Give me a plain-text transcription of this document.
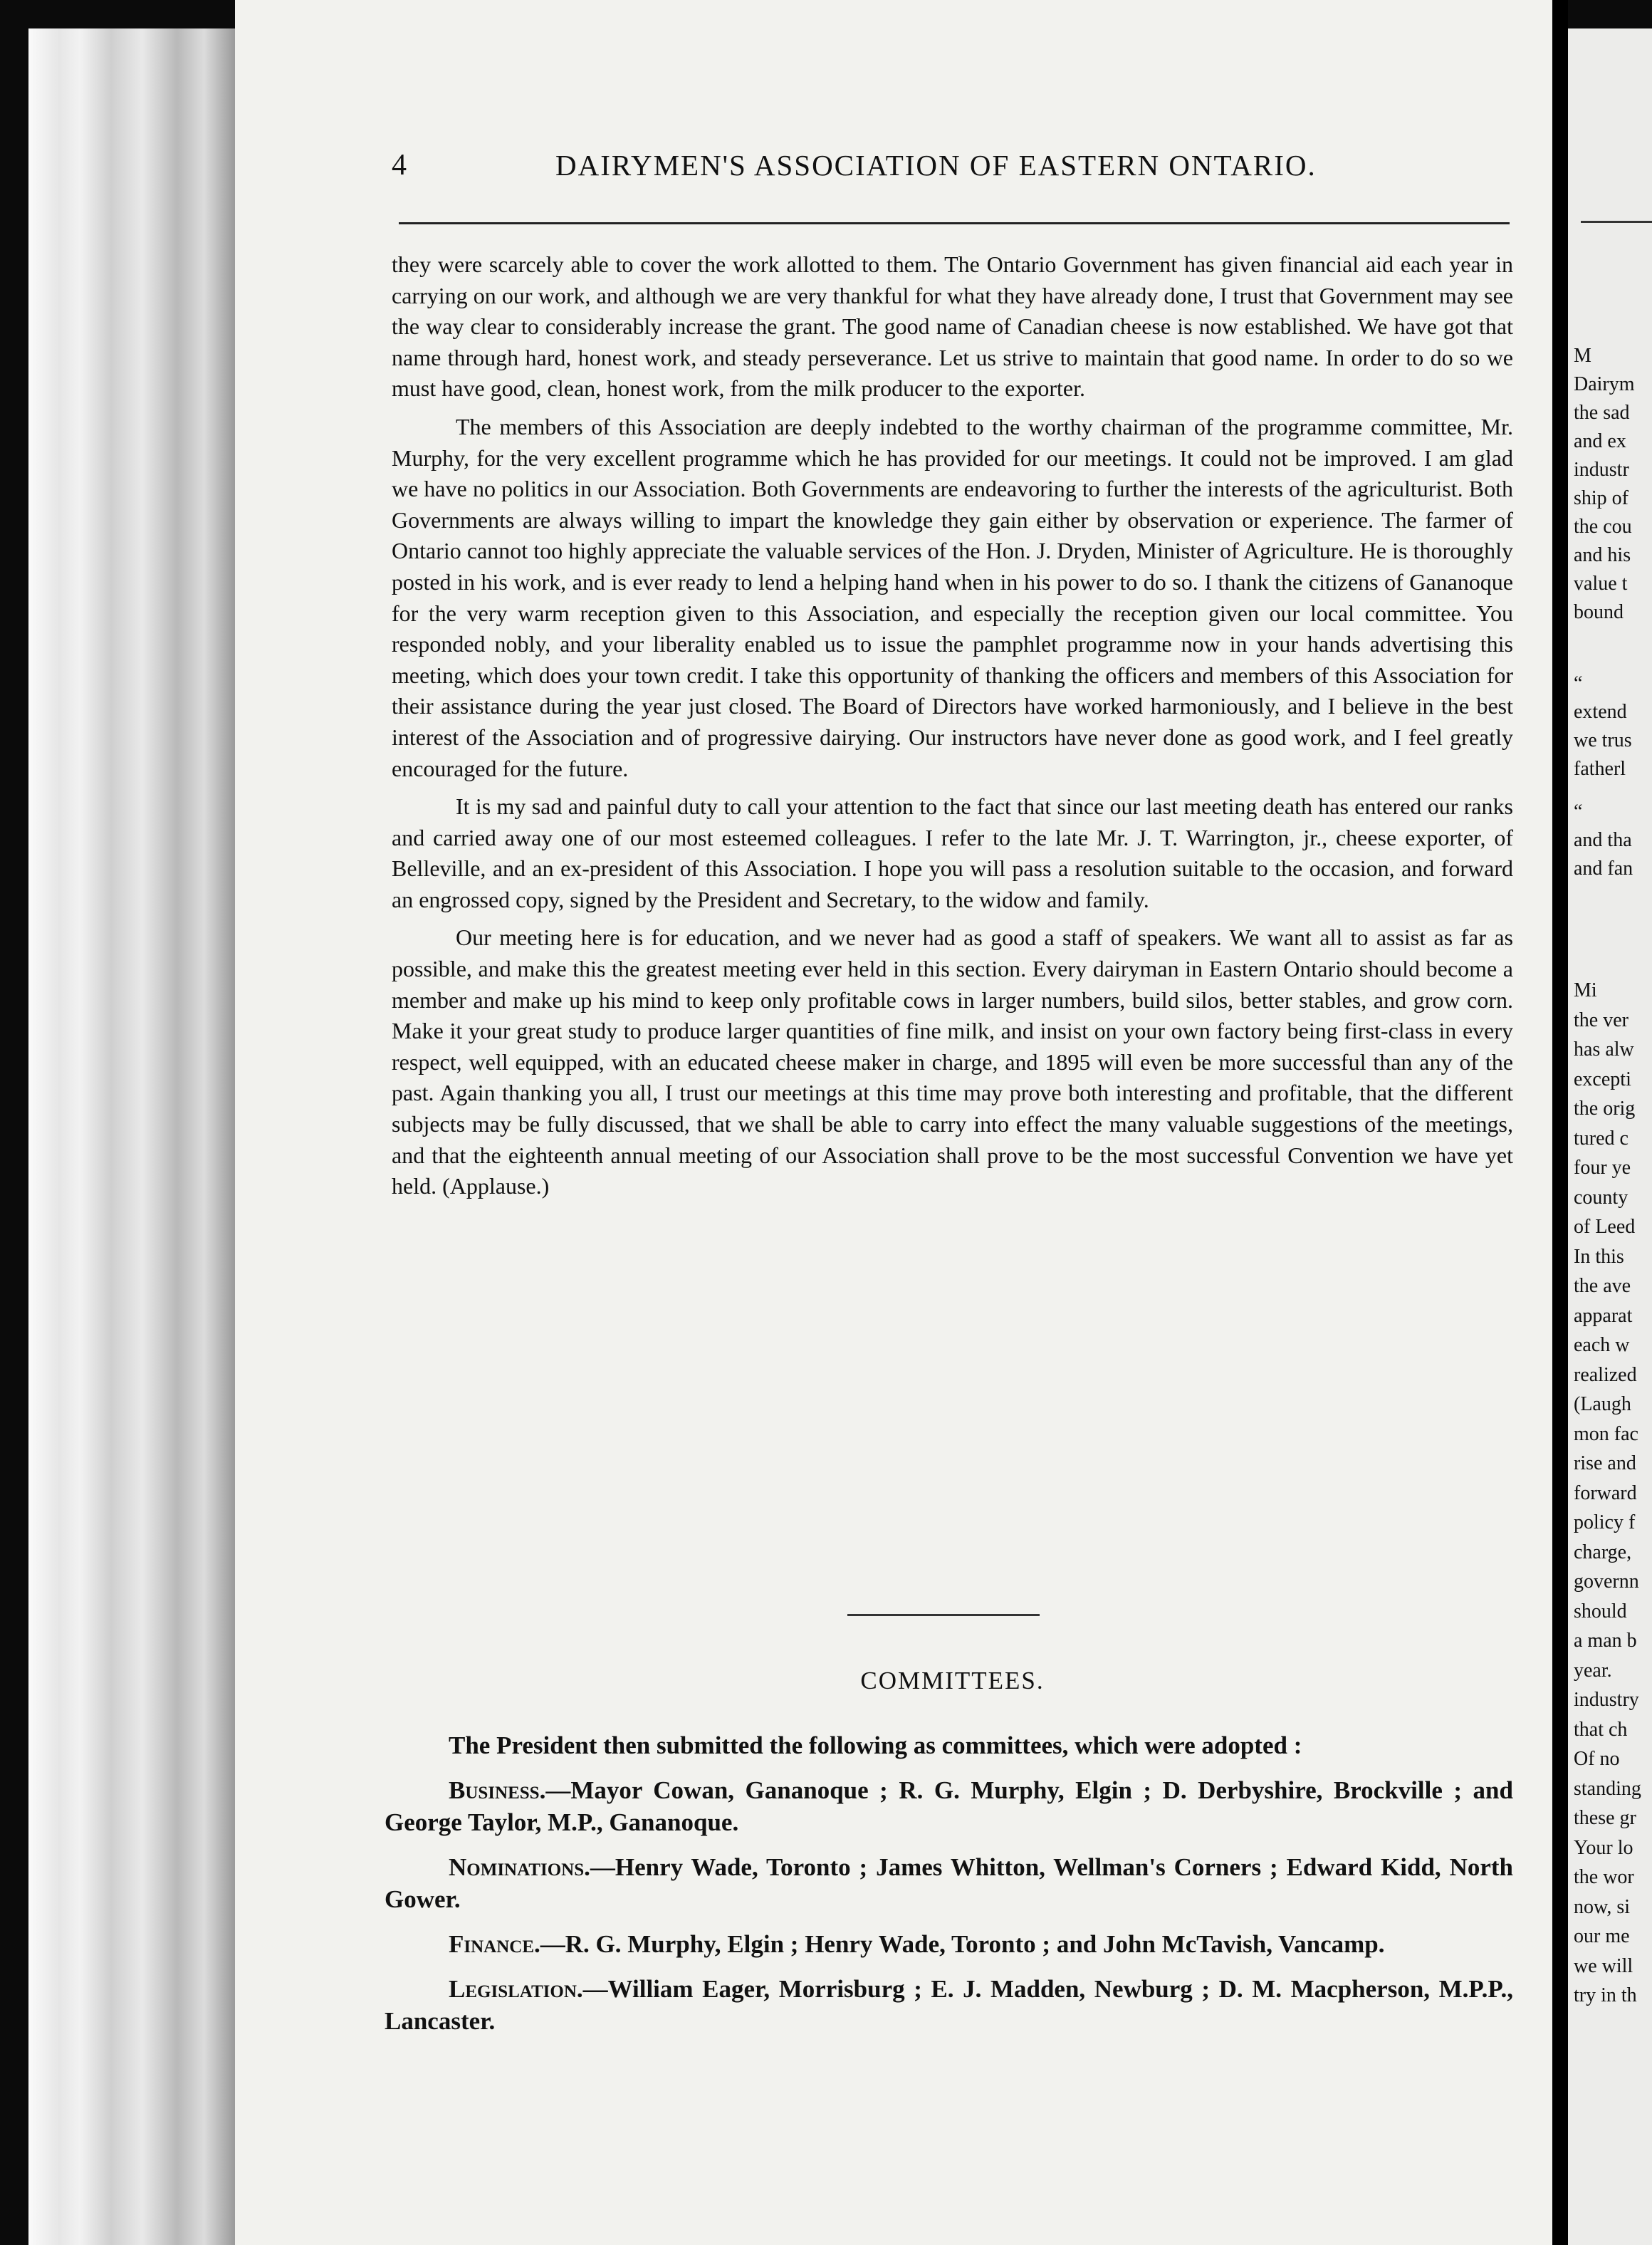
4	DAIRYMEN'S ASSOCIATION OF EASTERN ONTARIO.

they were scarcely able to cover the work allotted to them. The Ontario Government has given financial aid each year in carrying on our work, and although we are very thankful for what they have already done, I trust that Government may see the way clear to considerably increase the grant. The good name of Canadian cheese is now established. We have got that name through hard, honest work, and steady perseverance. Let us strive to maintain that good name. In order to do so we must have good, clean, honest work, from the milk producer to the exporter.

The members of this Association are deeply indebted to the worthy chairman of the programme committee, Mr. Murphy, for the very excellent programme which he has provided for our meetings. It could not be improved. I am glad we have no politics in our Association. Both Governments are endeavoring to further the interests of the agriculturist. Both Governments are always willing to impart the knowledge they gain either by observation or experience. The farmer of Ontario cannot too highly appreciate the valuable services of the Hon. J. Dryden, Minister of Agriculture. He is thoroughly posted in his work, and is ever ready to lend a helping hand when in his power to do so. I thank the citizens of Gananoque for the very warm reception given to this Association, and especially the reception given our local committee. You responded nobly, and your liberality enabled us to issue the pamphlet programme now in your hands advertising this meeting, which does your town credit. I take this opportunity of thanking the officers and members of this Association for their assistance during the year just closed. The Board of Directors have worked harmoniously, and I believe in the best interest of the Association and of progressive dairying. Our instructors have never done as good work, and I feel greatly encouraged for the future.

It is my sad and painful duty to call your attention to the fact that since our last meeting death has entered our ranks and carried away one of our most esteemed colleagues. I refer to the late Mr. J. T. Warrington, jr., cheese exporter, of Belleville, and an ex-president of this Association. I hope you will pass a resolution suitable to the occasion, and forward an engrossed copy, signed by the President and Secretary, to the widow and family.

Our meeting here is for education, and we never had as good a staff of speakers. We want all to assist as far as possible, and make this the greatest meeting ever held in this section. Every dairyman in Eastern Ontario should become a member and make up his mind to keep only profitable cows in larger numbers, build silos, better stables, and grow corn. Make it your great study to produce larger quantities of fine milk, and insist on your own factory being first-class in every respect, well equipped, with an educated cheese maker in charge, and 1895 will even be more successful than any of the past. Again thanking you all, I trust our meetings at this time may prove both interesting and profitable, that the different subjects may be fully discussed, that we shall be able to carry into effect the many valuable suggestions of the meetings, and that the eighteenth annual meeting of our Association shall prove to be the most successful Convention we have yet held. (Applause.)

COMMITTEES.

The President then submitted the following as committees, which were adopted :

Business.—Mayor Cowan, Gananoque ; R. G. Murphy, Elgin ; D. Derbyshire, Brockville ; and George Taylor, M.P., Gananoque.

Nominations.—Henry Wade, Toronto ; James Whitton, Wellman's Corners ; Edward Kidd, North Gower.

Finance.—R. G. Murphy, Elgin ; Henry Wade, Toronto ; and John McTavish, Vancamp.

Legislation.—William Eager, Morrisburg ; E. J. Madden, Newburg ; D. M. Macpherson, M.P.P., Lancaster.

M
Dairym
the sad
and ex
industr
ship of
the cou
and his
value t
bound
“
extend
we trus
fatherl
“
and tha
and fan
Mi
the ver
has alw
excepti
the orig
tured c
four ye
county
of Leed
In this
the ave
apparat
each w
realized
(Laugh
mon fac
rise and
forward
policy f
charge,
governn
should
a man b
year.
industry
that ch
Of no
standing
these gr
Your lo
the wor
now, si
our me
we will
try in th
